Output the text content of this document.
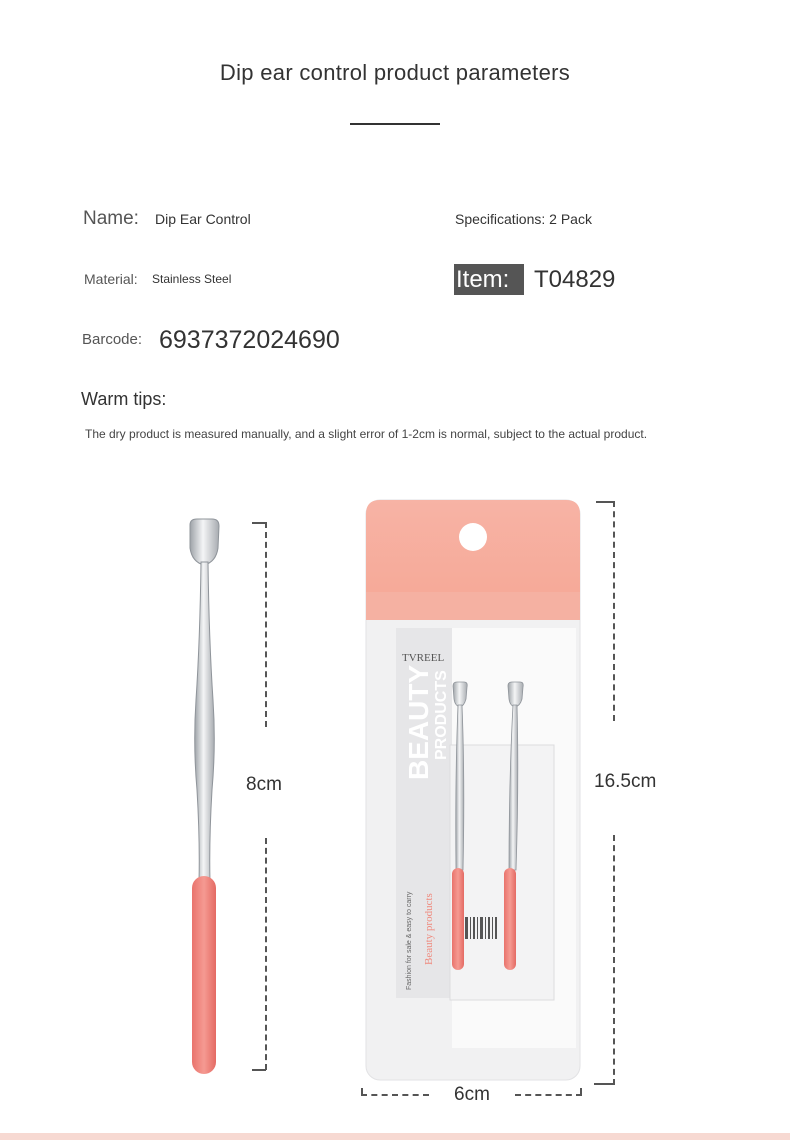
Dip ear control product parameters
Name: Dip Ear Control	Specifications: 2 Pack
Material: Stainless Steel	Item:	T04829
Barcode: 6937372024690
Warm tips:
The dry product is measured manually, and a slight error of 1-2cm is normal, subject to the actual product.
TVREEL
BEAUTY PRODUCTS
Fashion for sale & easy to carry Beauty products
8cm	16.5cm
6cm
